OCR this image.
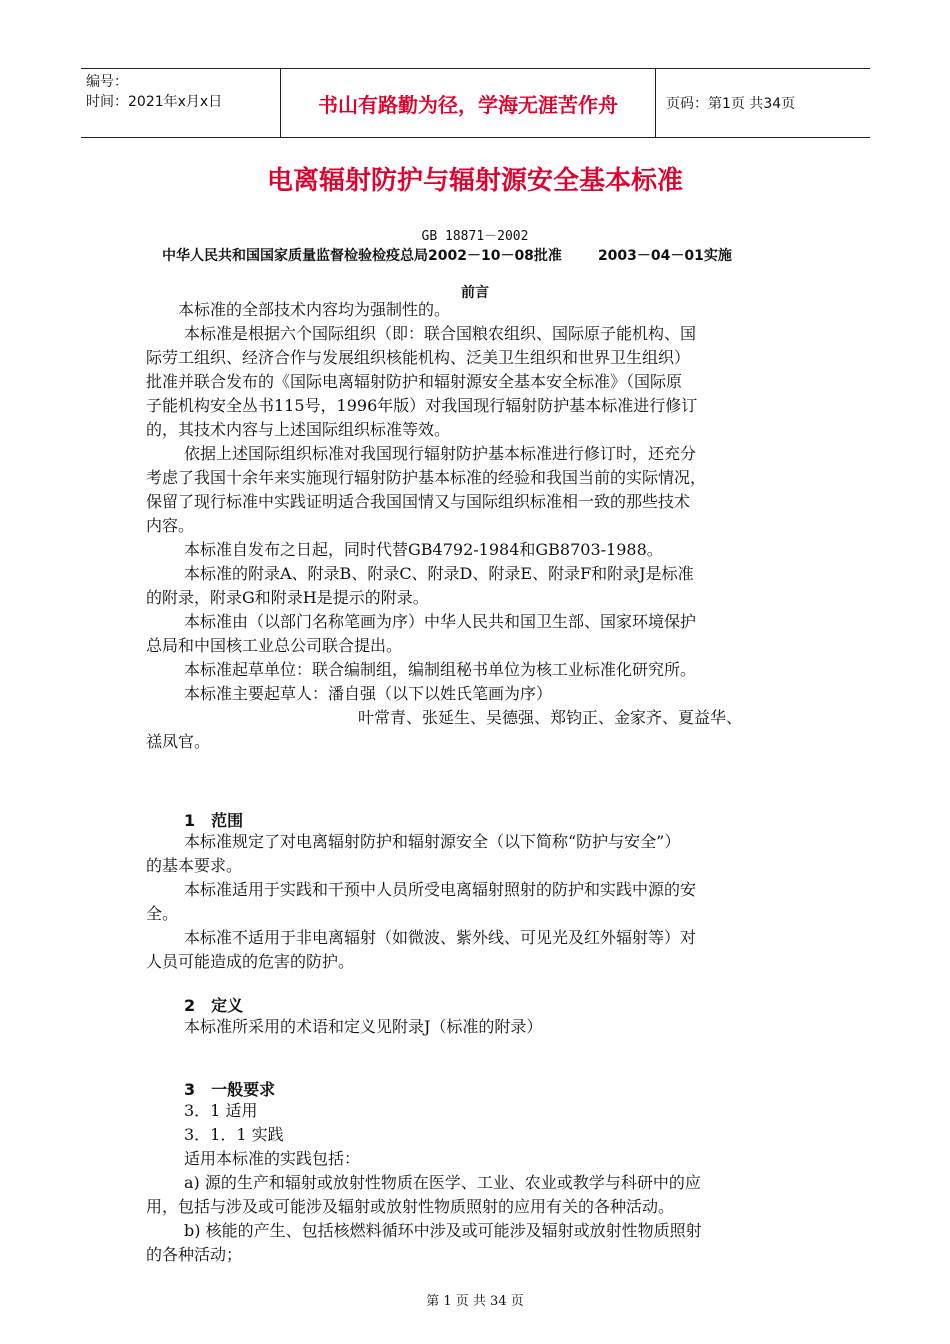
编号：
时间：2021年x月x日	书山有路勤为径，学海无涯苦作舟	页码：第1页 共34页
电离辐射防护与辐射源安全基本标准
GB 18871－2002
中华人民共和国国家质量监督检验检疫总局2002－10－08批准	2003－04－01实施
前言
本标准的全部技术内容均为强制性的。
本标准是根据六个国际组织（即：联合国粮农组织、国际原子能机构、国
际劳工组织、经济合作与发展组织核能机构、泛美卫生组织和世界卫生组织）
批准并联合发布的《国际电离辐射防护和辐射源安全基本安全标准》（国际原
子能机构安全丛书115号，1996年版）对我国现行辐射防护基本标准进行修订
的，其技术内容与上述国际组织标准等效。
依据上述国际组织标准对我国现行辐射防护基本标准进行修订时，还充分
考虑了我国十余年来实施现行辐射防护基本标准的经验和我国当前的实际情况，
保留了现行标准中实践证明适合我国国情又与国际组织标准相一致的那些技术
内容。
本标准自发布之日起，同时代替GB4792-1984和GB8703-1988。
本标准的附录A、附录B、附录C、附录D、附录E、附录F和附录J是标准
的附录，附录G和附录H是提示的附录。
本标准由（以部门名称笔画为序）中华人民共和国卫生部、国家环境保护
总局和中国核工业总公司联合提出。
本标准起草单位：联合编制组，编制组秘书单位为核工业标准化研究所。
本标准主要起草人：潘自强（以下以姓氏笔画为序）
叶常青、张延生、吴德强、郑钧正、金家齐、夏益华、
禚凤官。
1　范围
本标准规定了对电离辐射防护和辐射源安全（以下简称“防护与安全”）
的基本要求。
本标准适用于实践和干预中人员所受电离辐射照射的防护和实践中源的安
全。
本标准不适用于非电离辐射（如微波、紫外线、可见光及红外辐射等）对
人员可能造成的危害的防护。
2　定义
本标准所采用的术语和定义见附录J（标准的附录）
3　一般要求
3．1 适用
3．1．1 实践
适用本标准的实践包括：
a) 源的生产和辐射或放射性物质在医学、工业、农业或教学与科研中的应
用，包括与涉及或可能涉及辐射或放射性物质照射的应用有关的各种活动。
b) 核能的产生、包括核燃料循环中涉及或可能涉及辐射或放射性物质照射
的各种活动；
第 1 页 共 34 页
